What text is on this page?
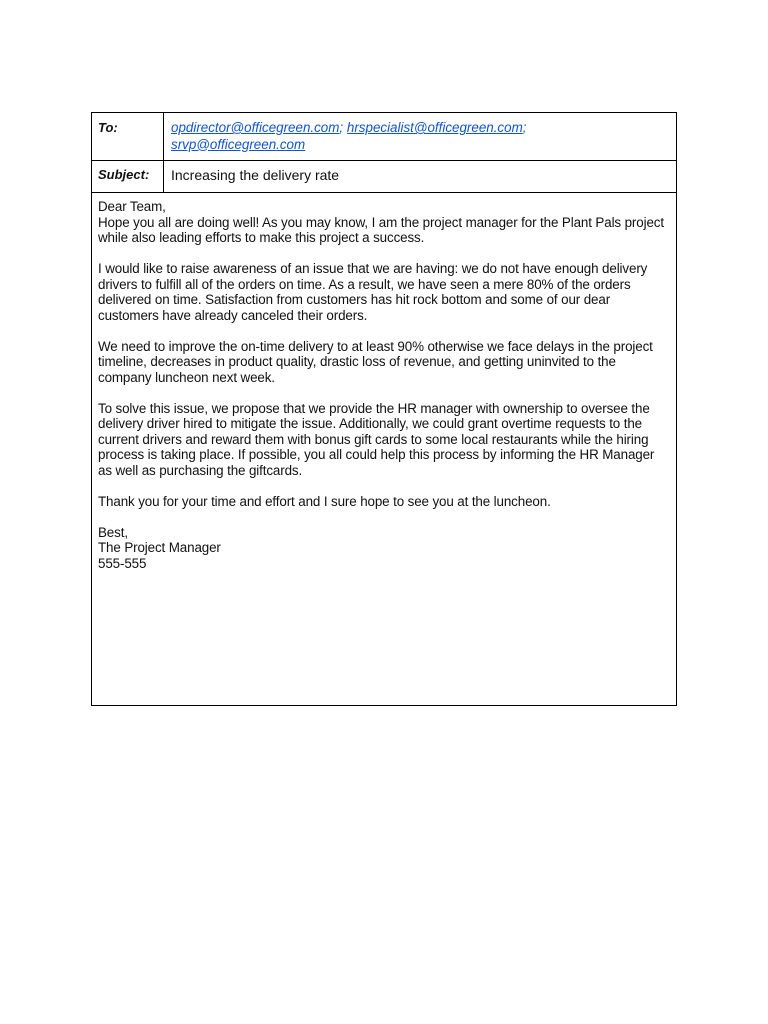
To:	opdirector@officegreen.com; hrspecialist@officegreen.com;
srvp@officegreen.com
Subject:	Increasing the delivery rate

Dear Team,

Hope you all are doing well! As you may know, I am the project manager for the Plant Pals project while also leading efforts to make this project a success.

I would like to raise awareness of an issue that we are having: we do not have enough delivery drivers to fulfill all of the orders on time. As a result, we have seen a mere 80% of the orders delivered on time. Satisfaction from customers has hit rock bottom and some of our dear customers have already canceled their orders.

We need to improve the on-time delivery to at least 90% otherwise we face delays in the project timeline, decreases in product quality, drastic loss of revenue, and getting uninvited to the company luncheon next week.

To solve this issue, we propose that we provide the HR manager with ownership to oversee the delivery driver hired to mitigate the issue. Additionally, we could grant overtime requests to the current drivers and reward them with bonus gift cards to some local restaurants while the hiring process is taking place. If possible, you all could help this process by informing the HR Manager as well as purchasing the giftcards.

Thank you for your time and effort and I sure hope to see you at the luncheon.

Best,
The Project Manager
555-555
